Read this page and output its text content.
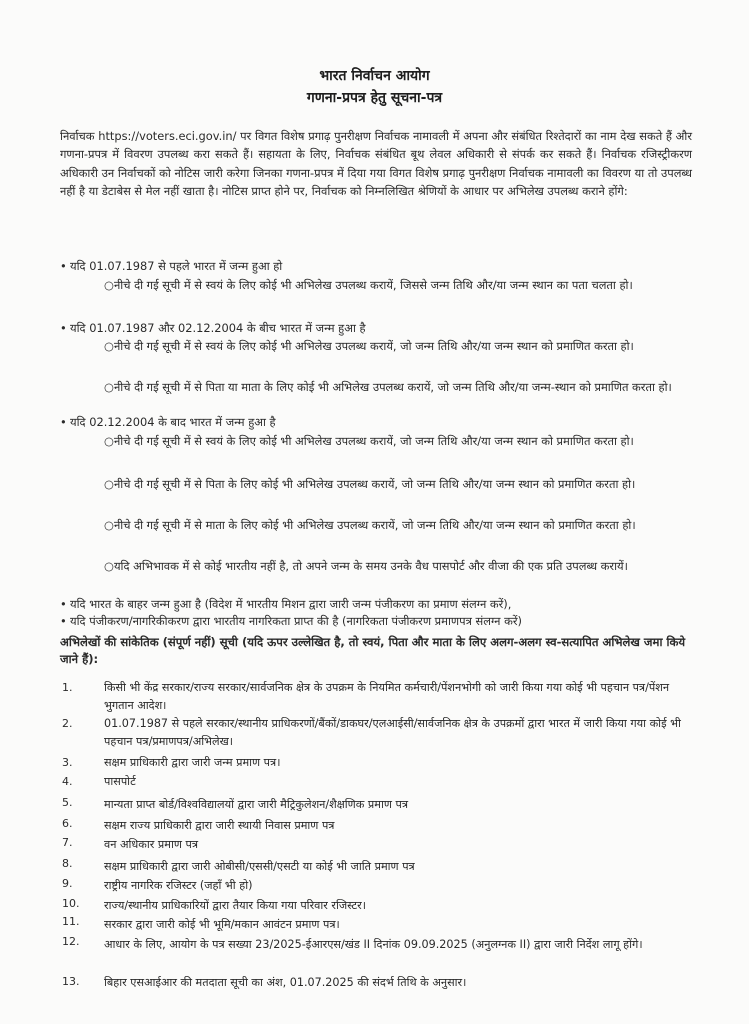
भारत निर्वाचन आयोग
गणना-प्रपत्र हेतु सूचना-पत्र
निर्वाचक https://voters.eci.gov.in/ पर विगत विशेष प्रगाढ़ पुनरीक्षण निर्वाचक नामावली में अपना और संबंधित रिश्तेदारों का नाम देख सकते हैं और गणना-प्रपत्र में विवरण उपलब्ध करा सकते हैं। सहायता के लिए, निर्वाचक संबंधित बूथ लेवल अधिकारी से संपर्क कर सकते हैं। निर्वाचक रजिस्ट्रीकरण अधिकारी उन निर्वाचकों को नोटिस जारी करेगा जिनका गणना-प्रपत्र में दिया गया विगत विशेष प्रगाढ़ पुनरीक्षण निर्वाचक नामावली का विवरण या तो उपलब्ध नहीं है या डेटाबेस से मेल नहीं खाता है। नोटिस प्राप्त होने पर, निर्वाचक को निम्नलिखित श्रेणियों के आधार पर अभिलेख उपलब्ध कराने होंगे:
• यदि 01.07.1987 से पहले भारत में जन्म हुआ हो
○नीचे दी गई सूची में से स्वयं के लिए कोई भी अभिलेख उपलब्ध करायें, जिससे जन्म तिथि और/या जन्म स्थान का पता चलता हो।
• यदि 01.07.1987 और 02.12.2004 के बीच भारत में जन्म हुआ है
○नीचे दी गई सूची में से स्वयं के लिए कोई भी अभिलेख उपलब्ध करायें, जो जन्म तिथि और/या जन्म स्थान को प्रमाणित करता हो।
○नीचे दी गई सूची में से पिता या माता के लिए कोई भी अभिलेख उपलब्ध करायें, जो जन्म तिथि और/या जन्म-स्थान को प्रमाणित करता हो।
• यदि 02.12.2004 के बाद भारत में जन्म हुआ है
○नीचे दी गई सूची में से स्वयं के लिए कोई भी अभिलेख उपलब्ध करायें, जो जन्म तिथि और/या जन्म स्थान को प्रमाणित करता हो।
○नीचे दी गई सूची में से पिता के लिए कोई भी अभिलेख उपलब्ध करायें, जो जन्म तिथि और/या जन्म स्थान को प्रमाणित करता हो।
○नीचे दी गई सूची में से माता के लिए कोई भी अभिलेख उपलब्ध करायें, जो जन्म तिथि और/या जन्म स्थान को प्रमाणित करता हो।
○यदि अभिभावक में से कोई भारतीय नहीं है, तो अपने जन्म के समय उनके वैध पासपोर्ट और वीजा की एक प्रति उपलब्ध करायें।
• यदि भारत के बाहर जन्म हुआ है (विदेश में भारतीय मिशन द्वारा जारी जन्म पंजीकरण का प्रमाण संलग्न करें),
• यदि पंजीकरण/नागरिकीकरण द्वारा भारतीय नागरिकता प्राप्त की है (नागरिकता पंजीकरण प्रमाणपत्र संलग्न करें)
अभिलेखों की सांकेतिक (संपूर्ण नहीं) सूची (यदि ऊपर उल्लेखित है, तो स्वयं, पिता और माता के लिए अलग-अलग स्व-सत्यापित अभिलेख जमा किये जाने हैं):
1.	किसी भी केंद्र सरकार/राज्य सरकार/सार्वजनिक क्षेत्र के उपक्रम के नियमित कर्मचारी/पेंशनभोगी को जारी किया गया कोई भी पहचान पत्र/पेंशन भुगतान आदेश।
2.	01.07.1987 से पहले सरकार/स्थानीय प्राधिकरणों/बैंकों/डाकघर/एलआईसी/सार्वजनिक क्षेत्र के उपक्रमों द्वारा भारत में जारी किया गया कोई भी पहचान पत्र/प्रमाणपत्र/अभिलेख।
3.	सक्षम प्राधिकारी द्वारा जारी जन्म प्रमाण पत्र।
4.	पासपोर्ट
5.	मान्यता प्राप्त बोर्ड/विश्वविद्यालयों द्वारा जारी मैट्रिकुलेशन/शैक्षणिक प्रमाण पत्र
6.	सक्षम राज्य प्राधिकारी द्वारा जारी स्थायी निवास प्रमाण पत्र
7.	वन अधिकार प्रमाण पत्र
8.	सक्षम प्राधिकारी द्वारा जारी ओबीसी/एससी/एसटी या कोई भी जाति प्रमाण पत्र
9.	राष्ट्रीय नागरिक रजिस्टर (जहाँ भी हो)
10.	राज्य/स्थानीय प्राधिकारियों द्वारा तैयार किया गया परिवार रजिस्टर।
11.	सरकार द्वारा जारी कोई भी भूमि/मकान आवंटन प्रमाण पत्र।
12.	आधार के लिए, आयोग के पत्र सख्या 23/2025-ईआरएस/खंड II दिनांक 09.09.2025 (अनुलग्नक II) द्वारा जारी निर्देश लागू होंगे।
13.	बिहार एसआईआर की मतदाता सूची का अंश, 01.07.2025 की संदर्भ तिथि के अनुसार।
